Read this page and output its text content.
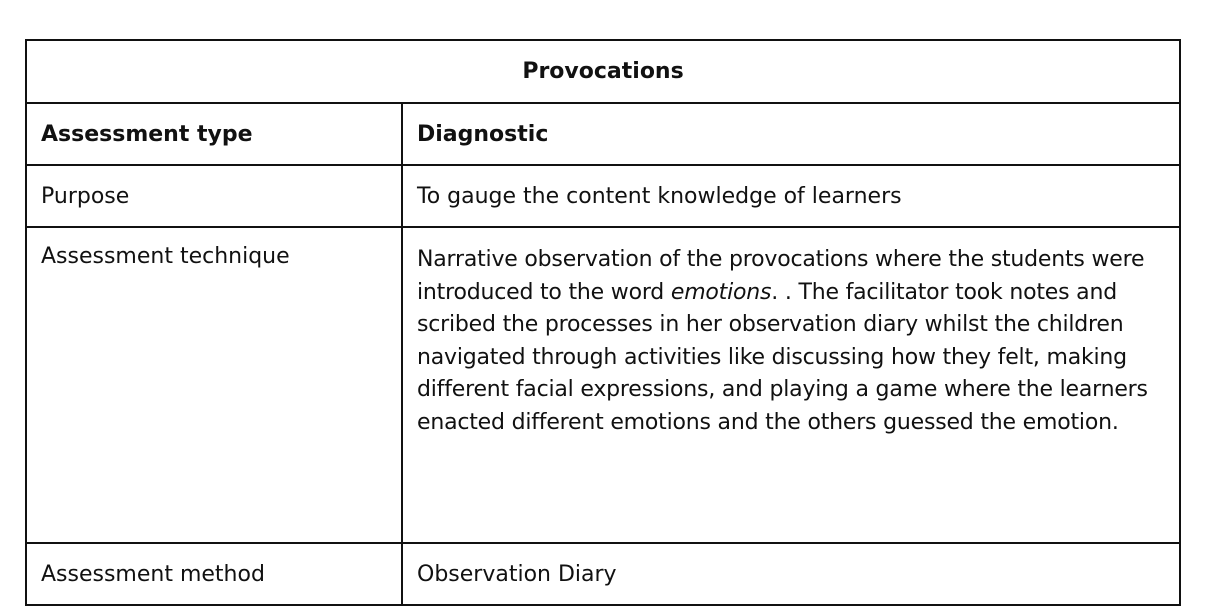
Provocations	
Assessment type	Diagnostic
Purpose	To gauge the content knowledge of learners
Assessment technique	Narrative observation of the provocations where the students were introduced to the word emotions. . The facilitator took notes and scribed the processes in her observation diary whilst the children navigated through activities like discussing how they felt, making different facial expressions, and playing a game where the learners enacted different emotions and the others guessed the emotion.

Assessment method	Observation Diary
